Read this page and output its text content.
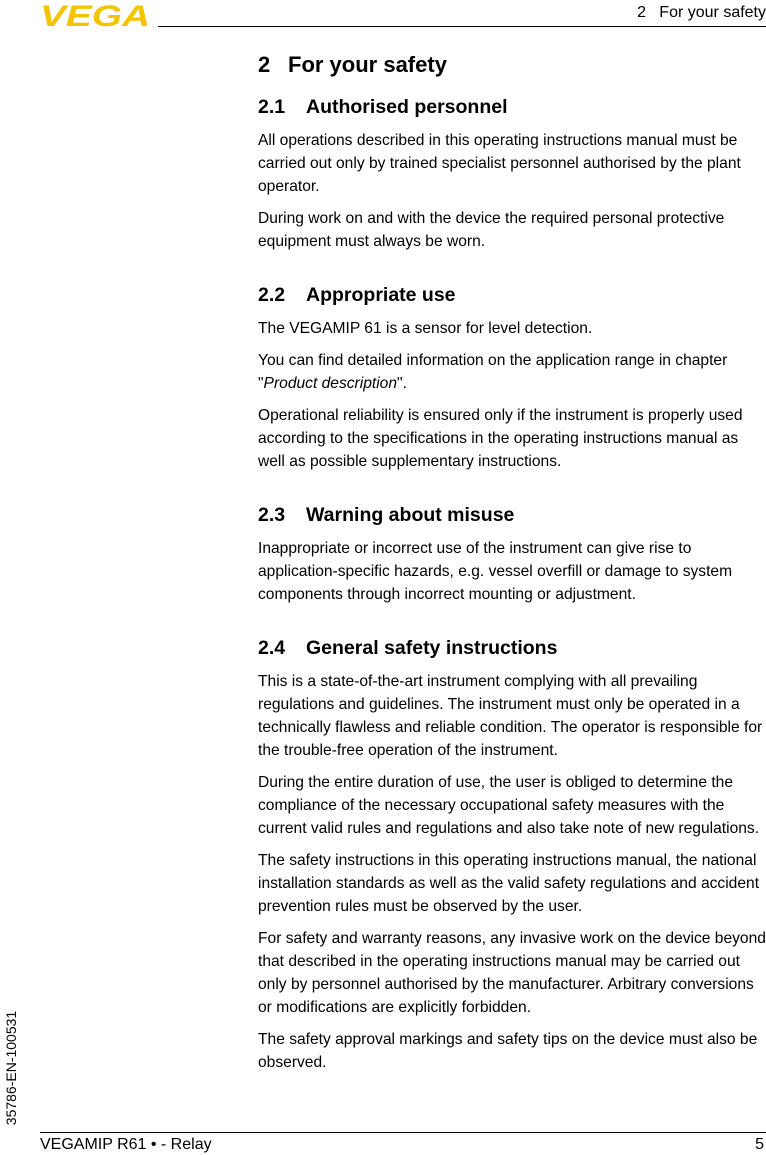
VEGA	2   For your safety
2 For your safety
2.1 Authorised personnel

All operations described in this operating instructions manual must be carried out only by trained specialist personnel authorised by the plant operator.

During work on and with the device the required personal protective equipment must always be worn.

2.2 Appropriate use

The VEGAMIP 61 is a sensor for level detection.

You can find detailed information on the application range in chapter "Product description".

Operational reliability is ensured only if the instrument is properly used according to the specifications in the operating instructions manual as well as possible supplementary instructions.

2.3 Warning about misuse

Inappropriate or incorrect use of the instrument can give rise to application-specific hazards, e.g. vessel overfill or damage to system components through incorrect mounting or adjustment.

2.4 General safety instructions

This is a state-of-the-art instrument complying with all prevailing regulations and guidelines. The instrument must only be operated in a technically flawless and reliable condition. The operator is responsible for the trouble-free operation of the instrument.

During the entire duration of use, the user is obliged to determine the compliance of the necessary occupational safety measures with the current valid rules and regulations and also take note of new regulations.

The safety instructions in this operating instructions manual, the national installation standards as well as the valid safety regulations and accident prevention rules must be observed by the user.

For safety and warranty reasons, any invasive work on the device beyond that described in the operating instructions manual may be carried out only by personnel authorised by the manufacturer. Arbitrary conversions or modifications are explicitly forbidden.

The safety approval markings and safety tips on the device must also be observed.

35786-EN-100531
VEGAMIP R61 • - Relay	5
